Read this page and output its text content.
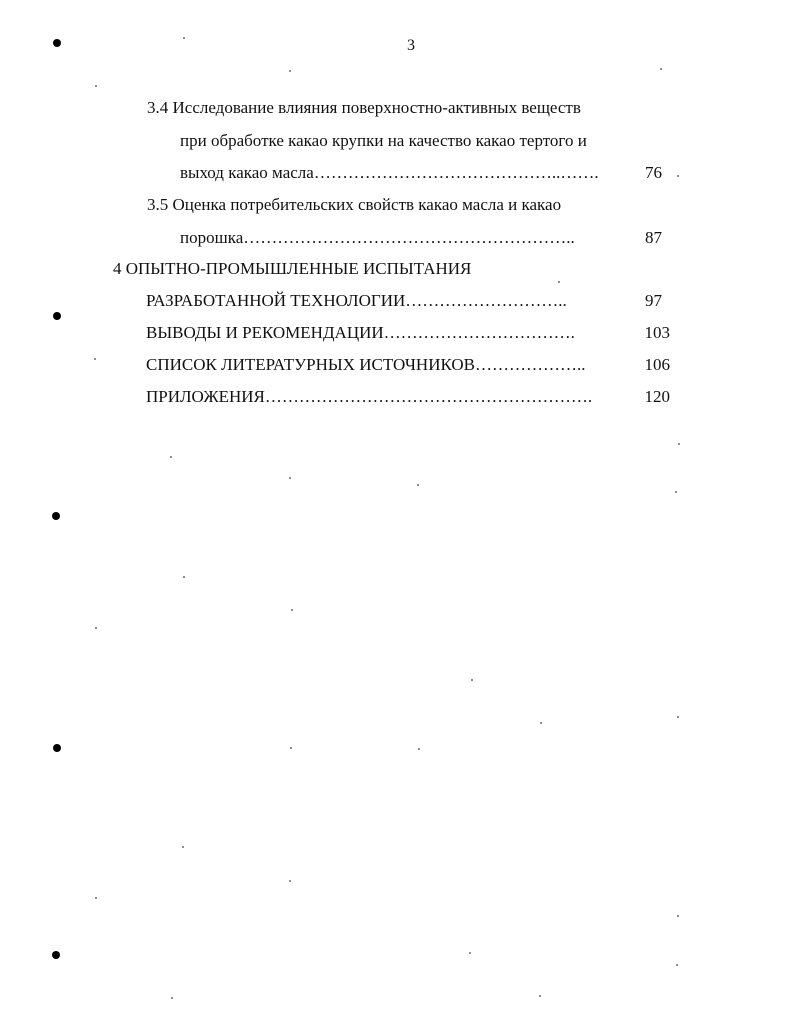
3
3.4 Исследование влияния поверхностно-активных веществ
при обработке какао крупки на качество какао тертого и
выход какао масла……………………………………..…….	76
3.5 Оценка потребительских свойств какао масла и какао
порошка…………………………………………………..	87
4 ОПЫТНО-ПРОМЫШЛЕННЫЕ ИСПЫТАНИЯ
РАЗРАБОТАННОЙ ТЕХНОЛОГИИ………………………..	97
ВЫВОДЫ И РЕКОМЕНДАЦИИ…………………………….	103
СПИСОК ЛИТЕРАТУРНЫХ ИСТОЧНИКОВ………………..	106
ПРИЛОЖЕНИЯ………………………………………………….	120
